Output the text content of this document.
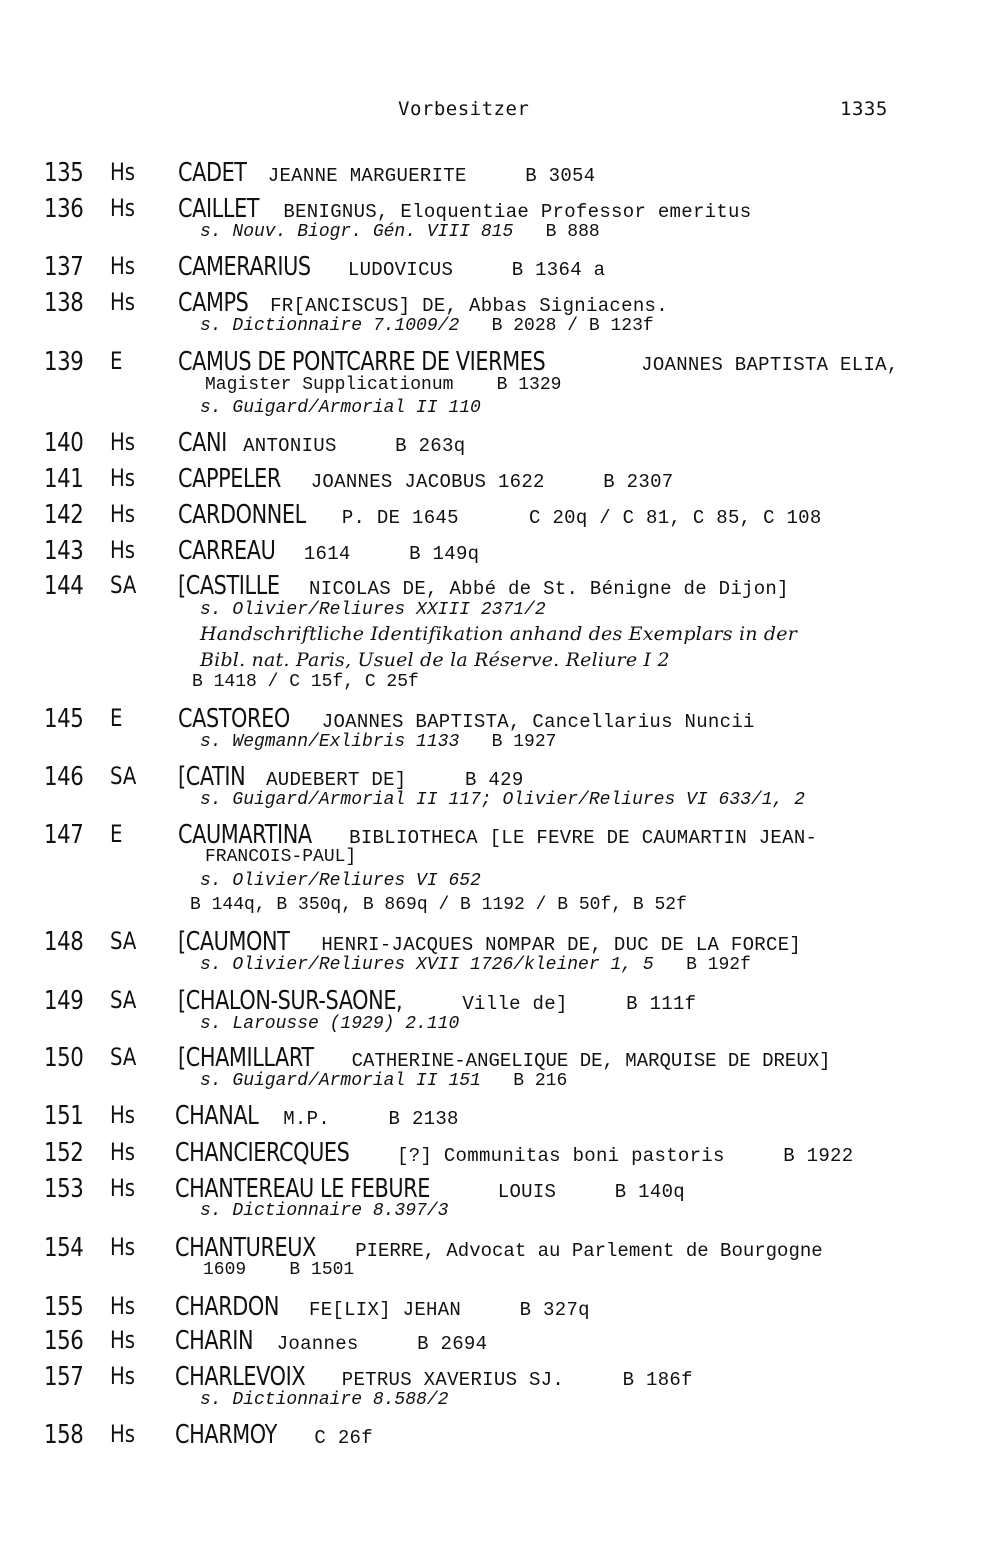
Vorbesitzer	1335
135 Hs CADET JEANNE MARGUERITE     B 3054
136 Hs CAILLET BENIGNUS, Eloquentiae Professor emeritus
s. Nouv. Biogr. Gén. VIII 815 B 888
137 Hs CAMERARIUS LUDOVICUS     B 1364 a
138 Hs CAMPS FR[ANCISCUS] DE, Abbas Signiacens.
s. Dictionnaire 7.1009/2 B 2028 / B 123f
139 E CAMUS DE PONTCARRE DE VIERMES	JOANNES BAPTISTA ELIA,
Magister Supplicationum    B 1329
s. Guigard/Armorial II 110
140 Hs CANI ANTONIUS     B 263q
141 Hs CAPPELER JOANNES JACOBUS 1622     B 2307
142 Hs CARDONNEL P. DE 1645      C 20q / C 81, C 85, C 108
143 Hs CARREAU 1614     B 149q
144 SA [CASTILLE NICOLAS DE, Abbé de St. Bénigne de Dijon]
s. Olivier/Reliures XXIII 2371/2
Handschriftliche Identifikation anhand des Exemplars in der
Bibl. nat. Paris, Usuel de la Réserve. Reliure I 2
B 1418 / C 15f, C 25f
145 E CASTOREO JOANNES BAPTISTA, Cancellarius Nuncii
s. Wegmann/Exlibris 1133 B 1927
146 SA [CATIN AUDEBERT DE]     B 429
s. Guigard/Armorial II 117; Olivier/Reliures VI 633/1, 2
147 E CAUMARTINA BIBLIOTHECA [LE FEVRE DE CAUMARTIN JEAN-
FRANCOIS-PAUL]
s. Olivier/Reliures VI 652
B 144q, B 350q, B 869q / B 1192 / B 50f, B 52f
148 SA [CAUMONT HENRI-JACQUES NOMPAR DE, DUC DE LA FORCE]
s. Olivier/Reliures XVII 1726/kleiner 1, 5 B 192f
149 SA [CHALON-SUR-SAONE,	Ville de]     B 111f
s. Larousse (1929) 2.110
150 SA [CHAMILLART CATHERINE-ANGELIQUE DE, MARQUISE DE DREUX]
s. Guigard/Armorial II 151 B 216
151 Hs CHANAL M.P.     B 2138
152 Hs CHANCIERCQUES	[?] Communitas boni pastoris     B 1922
153 Hs CHANTEREAU LE FEBURE	LOUIS     B 140q
s. Dictionnaire 8.397/3
154 Hs CHANTUREUX PIERRE, Advocat au Parlement de Bourgogne
1609    B 1501
155 Hs CHARDON FE[LIX] JEHAN     B 327q
156 Hs CHARIN Joannes     B 2694
157 Hs CHARLEVOIX PETRUS XAVERIUS SJ.     B 186f
s. Dictionnaire 8.588/2
158 Hs CHARMOY C 26f
